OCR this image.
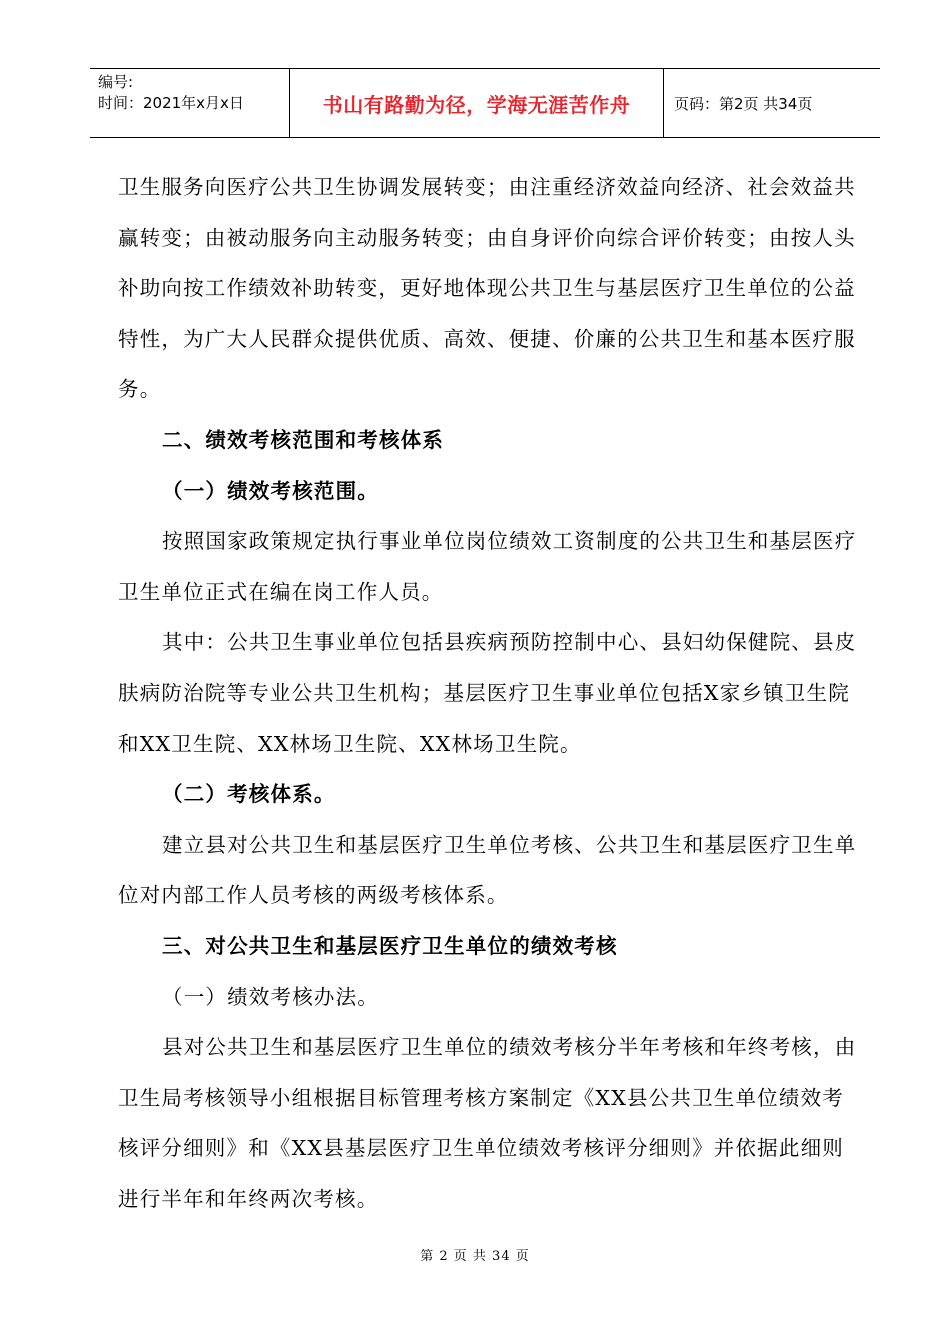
编号:
时间：2021年x月x日	书山有路勤为径，学海无涯苦作舟	页码：第2页 共34页

卫生服务向医疗公共卫生协调发展转变；由注重经济效益向经济、社会效益共赢转变；由被动服务向主动服务转变；由自身评价向综合评价转变；由按人头补助向按工作绩效补助转变，更好地体现公共卫生与基层医疗卫生单位的公益特性，为广大人民群众提供优质、高效、便捷、价廉的公共卫生和基本医疗服务。

二、绩效考核范围和考核体系

（一）绩效考核范围。

按照国家政策规定执行事业单位岗位绩效工资制度的公共卫生和基层医疗卫生单位正式在编在岗工作人员。

其中：公共卫生事业单位包括县疾病预防控制中心、县妇幼保健院、县皮肤病防治院等专业公共卫生机构；基层医疗卫生事业单位包括X家乡镇卫生院和XX卫生院、XX林场卫生院、XX林场卫生院。

（二）考核体系。

建立县对公共卫生和基层医疗卫生单位考核、公共卫生和基层医疗卫生单位对内部工作人员考核的两级考核体系。

三、对公共卫生和基层医疗卫生单位的绩效考核

（一）绩效考核办法。

县对公共卫生和基层医疗卫生单位的绩效考核分半年考核和年终考核，由卫生局考核领导小组根据目标管理考核方案制定《XX县公共卫生单位绩效考核评分细则》和《XX县基层医疗卫生单位绩效考核评分细则》并依据此细则进行半年和年终两次考核。

第 2 页 共 34 页
